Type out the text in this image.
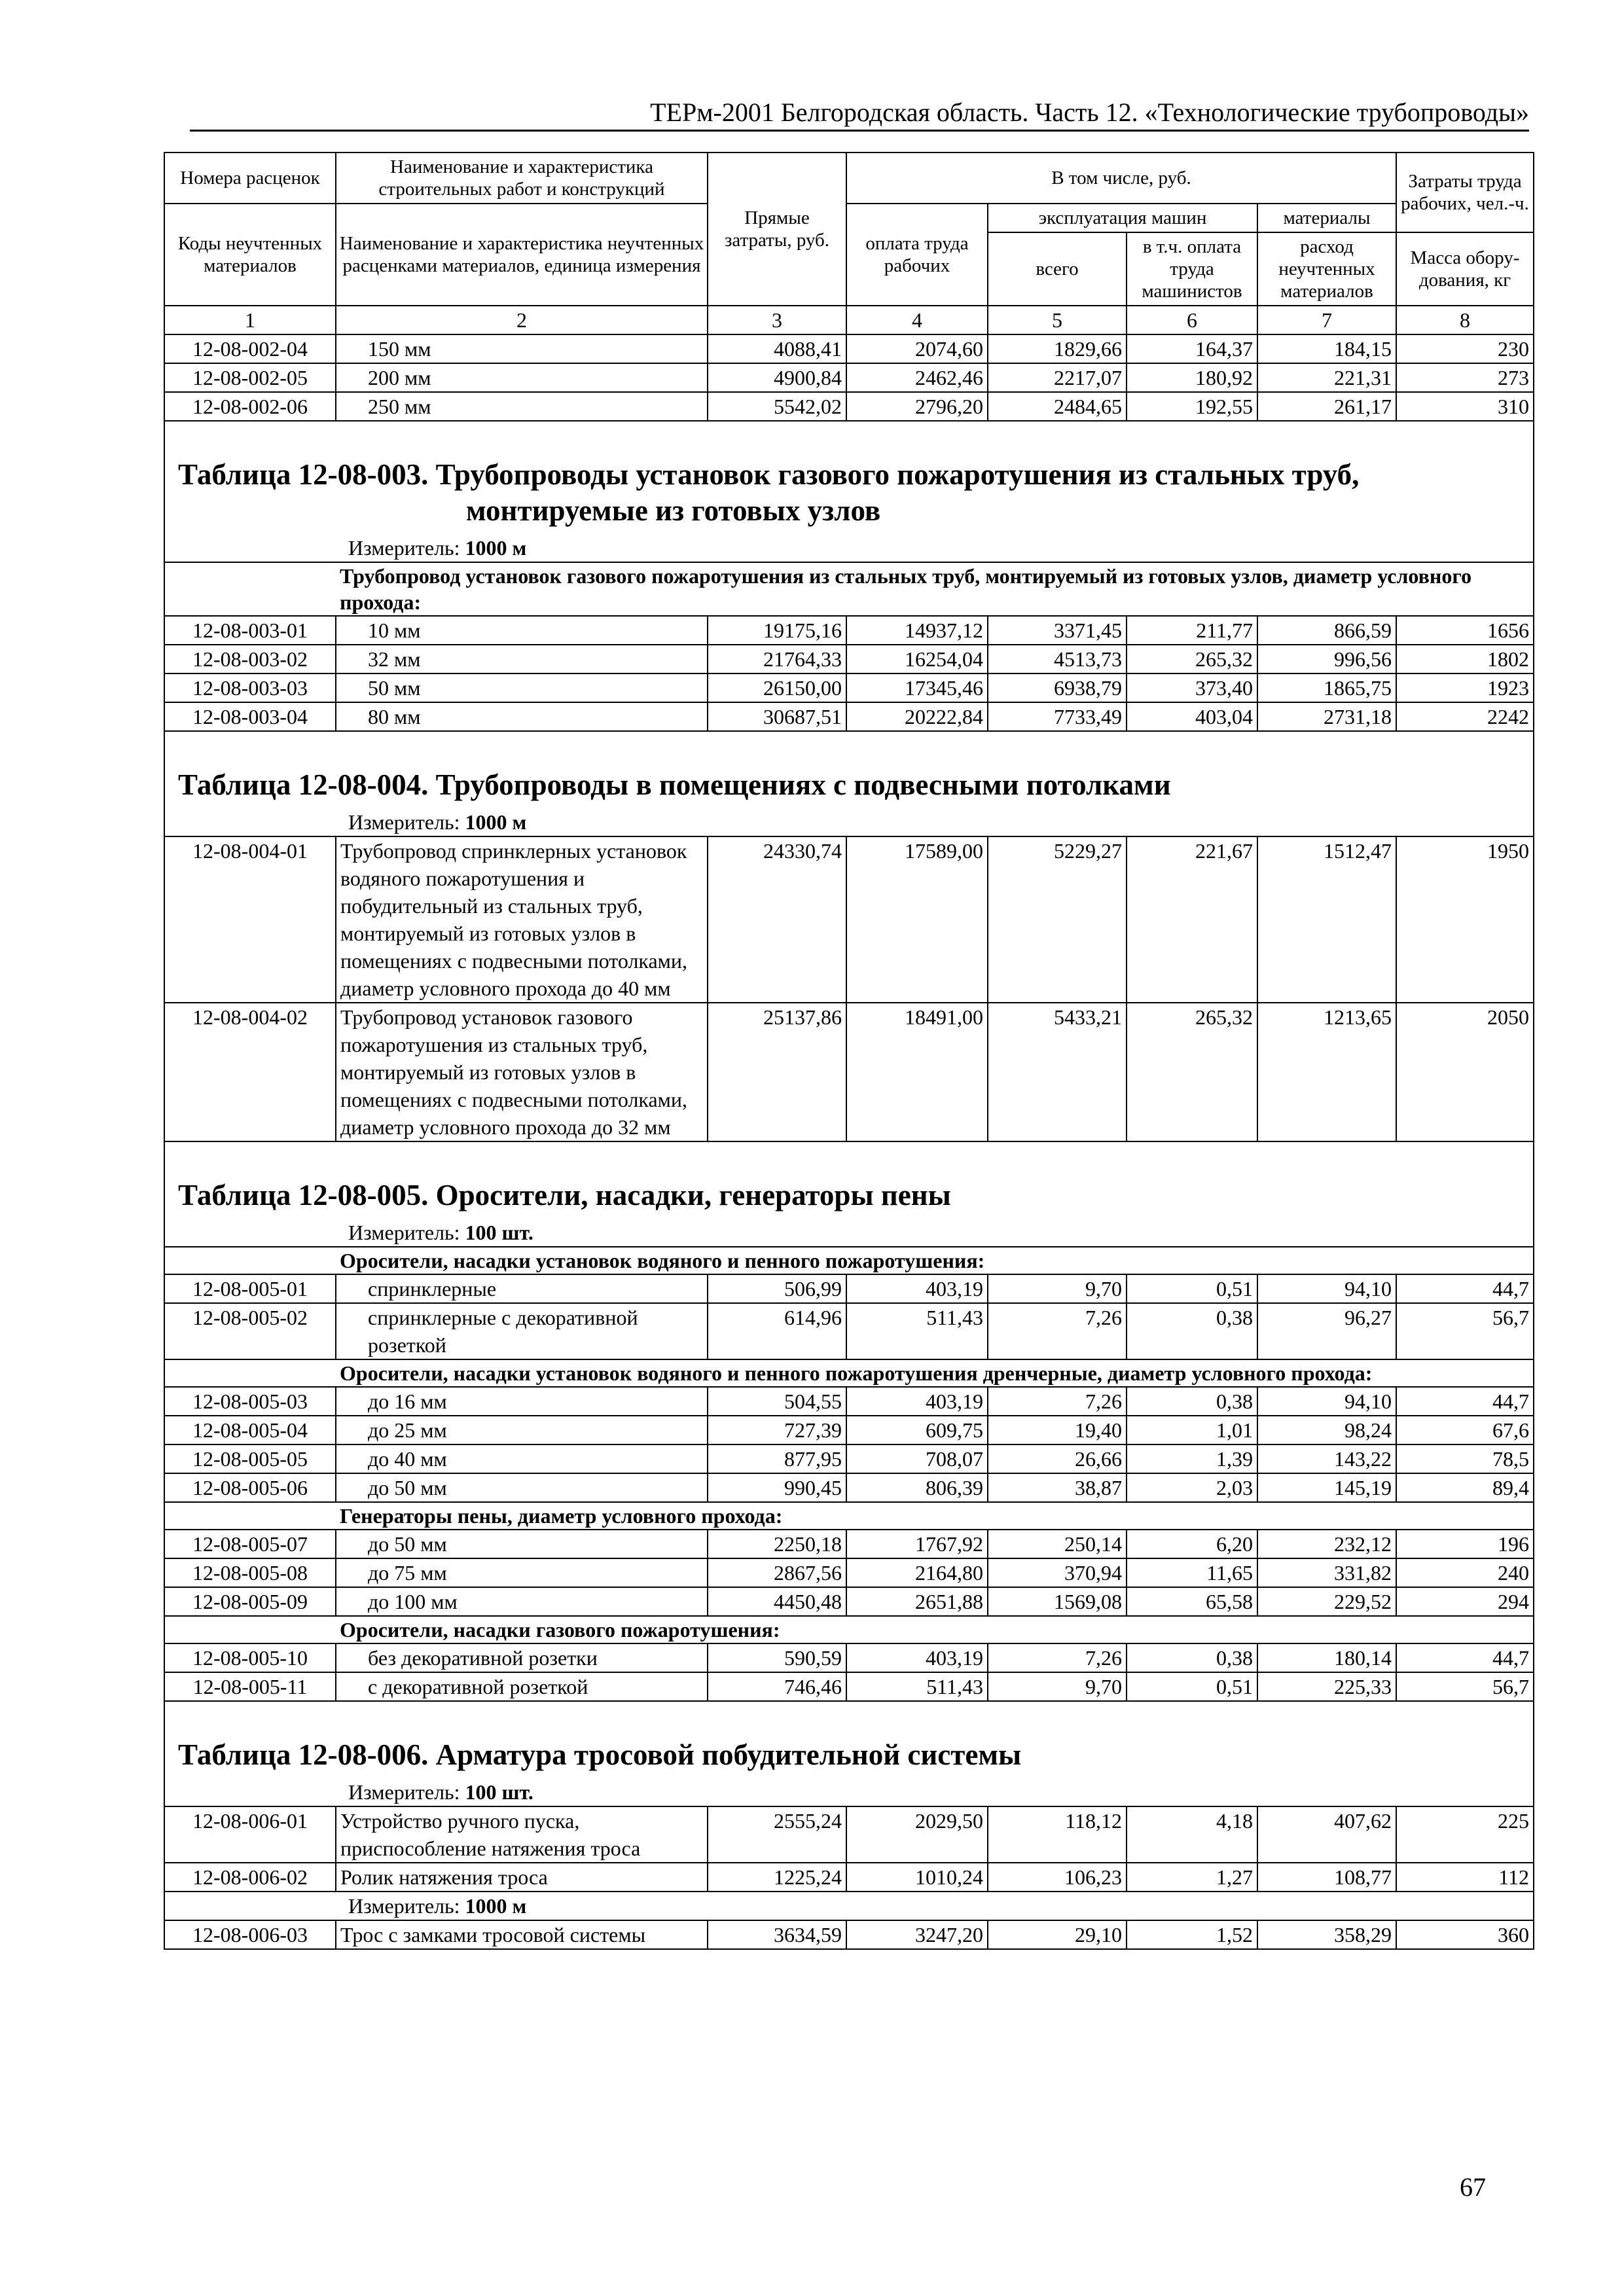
ТЕРм-2001 Белгородская область. Часть 12. «Технологические трубопроводы»
Номера расценок	Наименование и характеристика строительных работ и конструкций	Прямые затраты, руб.	В том числе, руб.				Затраты труда рабочих, чел.-ч.
Коды неучтенных материалов	Наименование и характеристика неучтенных расценками материалов, единица измерения		оплата труда рабочих	эксплуатация машин		материалы	
				всего	в т.ч. оплата труда машинистов	расход неучтенных материалов	Масса обору-дования, кг
1	2	3	4	5	6	7	8
12-08-002-04	150 мм	4088,41	2074,60	1829,66	164,37	184,15	230
12-08-002-05	200 мм	4900,84	2462,46	2217,07	180,92	221,31	273
12-08-002-06	250 мм	5542,02	2796,20	2484,65	192,55	261,17	310

Таблица 12-08-003. Трубопроводы установок газового пожаротушения из стальных труб,
монтируемые из готовых узлов							

Измеритель: 1000 м							
	Трубопровод установок газового пожаротушения из стальных труб, монтируемый из готовых узлов, диаметр условного прохода:						
12-08-003-01	10 мм	19175,16	14937,12	3371,45	211,77	866,59	1656
12-08-003-02	32 мм	21764,33	16254,04	4513,73	265,32	996,56	1802
12-08-003-03	50 мм	26150,00	17345,46	6938,79	373,40	1865,75	1923
12-08-003-04	80 мм	30687,51	20222,84	7733,49	403,04	2731,18	2242

Таблица 12-08-004. Трубопроводы в помещениях с подвесными потолками							
Измеритель: 1000 м							
12-08-004-01	Трубопровод спринклерных установок водяного пожаротушения и побудительный из стальных труб, монтируемый из готовых узлов в помещениях с подвесными потолками, диаметр условного прохода до 40 мм	24330,74	17589,00	5229,27	221,67	1512,47	1950
12-08-004-02	Трубопровод установок газового пожаротушения из стальных труб, монтируемый из готовых узлов в помещениях с подвесными потолками, диаметр условного прохода до 32 мм	25137,86	18491,00	5433,21	265,32	1213,65	2050

Таблица 12-08-005. Оросители, насадки, генераторы пены							
Измеритель: 100 шт.							
	Оросители, насадки установок водяного и пенного пожаротушения:						
12-08-005-01	спринклерные	506,99	403,19	9,70	0,51	94,10	44,7
12-08-005-02	спринклерные с декоративной розеткой	614,96	511,43	7,26	0,38	96,27	56,7
	Оросители, насадки установок водяного и пенного пожаротушения дренчерные, диаметр условного прохода:						
12-08-005-03	до 16 мм	504,55	403,19	7,26	0,38	94,10	44,7
12-08-005-04	до 25 мм	727,39	609,75	19,40	1,01	98,24	67,6
12-08-005-05	до 40 мм	877,95	708,07	26,66	1,39	143,22	78,5
12-08-005-06	до 50 мм	990,45	806,39	38,87	2,03	145,19	89,4
	Генераторы пены, диаметр условного прохода:						
12-08-005-07	до 50 мм	2250,18	1767,92	250,14	6,20	232,12	196
12-08-005-08	до 75 мм	2867,56	2164,80	370,94	11,65	331,82	240
12-08-005-09	до 100 мм	4450,48	2651,88	1569,08	65,58	229,52	294
	Оросители, насадки газового пожаротушения:						
12-08-005-10	без декоративной розетки	590,59	403,19	7,26	0,38	180,14	44,7
12-08-005-11	с декоративной розеткой	746,46	511,43	9,70	0,51	225,33	56,7

Таблица 12-08-006. Арматура тросовой побудительной системы							
Измеритель: 100 шт.							
12-08-006-01	Устройство ручного пуска, приспособление натяжения троса	2555,24	2029,50	118,12	4,18	407,62	225
12-08-006-02	Ролик натяжения троса	1225,24	1010,24	106,23	1,27	108,77	112
Измеритель: 1000 м							
12-08-006-03	Трос с замками тросовой системы	3634,59	3247,20	29,10	1,52	358,29	360
67
